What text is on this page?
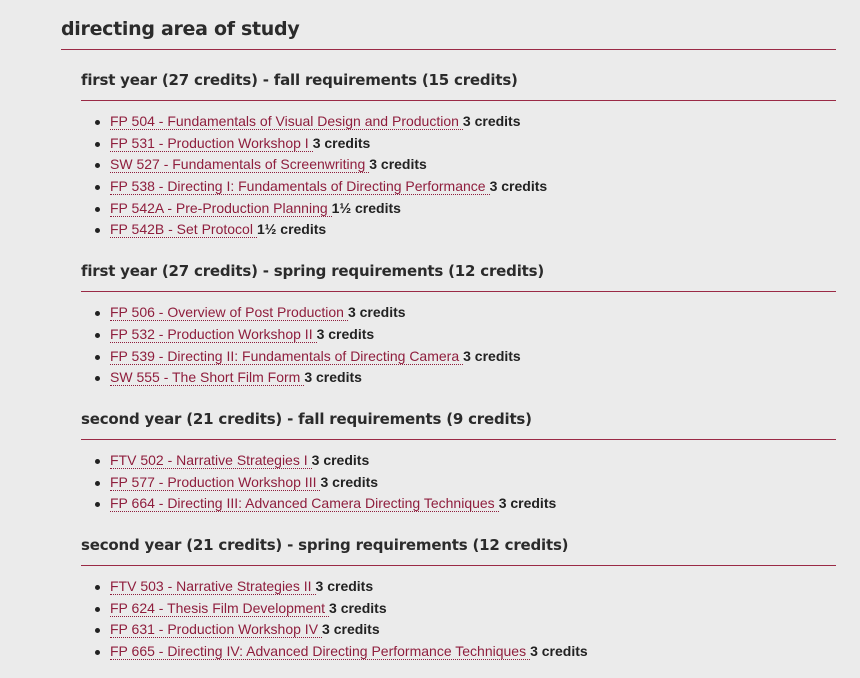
directing area of study
first year (27 credits) - fall requirements (15 credits)
FP 504 - Fundamentals of Visual Design and Production 3 credits
FP 531 - Production Workshop I 3 credits
SW 527 - Fundamentals of Screenwriting 3 credits
FP 538 - Directing I: Fundamentals of Directing Performance 3 credits
FP 542A - Pre-Production Planning 1½ credits
FP 542B - Set Protocol 1½ credits
first year (27 credits) - spring requirements (12 credits)
FP 506 - Overview of Post Production 3 credits
FP 532 - Production Workshop II 3 credits
FP 539 - Directing II: Fundamentals of Directing Camera 3 credits
SW 555 - The Short Film Form 3 credits
second year (21 credits) - fall requirements (9 credits)
FTV 502 - Narrative Strategies I 3 credits
FP 577 - Production Workshop III 3 credits
FP 664 - Directing III: Advanced Camera Directing Techniques 3 credits
second year (21 credits) - spring requirements (12 credits)
FTV 503 - Narrative Strategies II 3 credits
FP 624 - Thesis Film Development 3 credits
FP 631 - Production Workshop IV 3 credits
FP 665 - Directing IV: Advanced Directing Performance Techniques 3 credits
